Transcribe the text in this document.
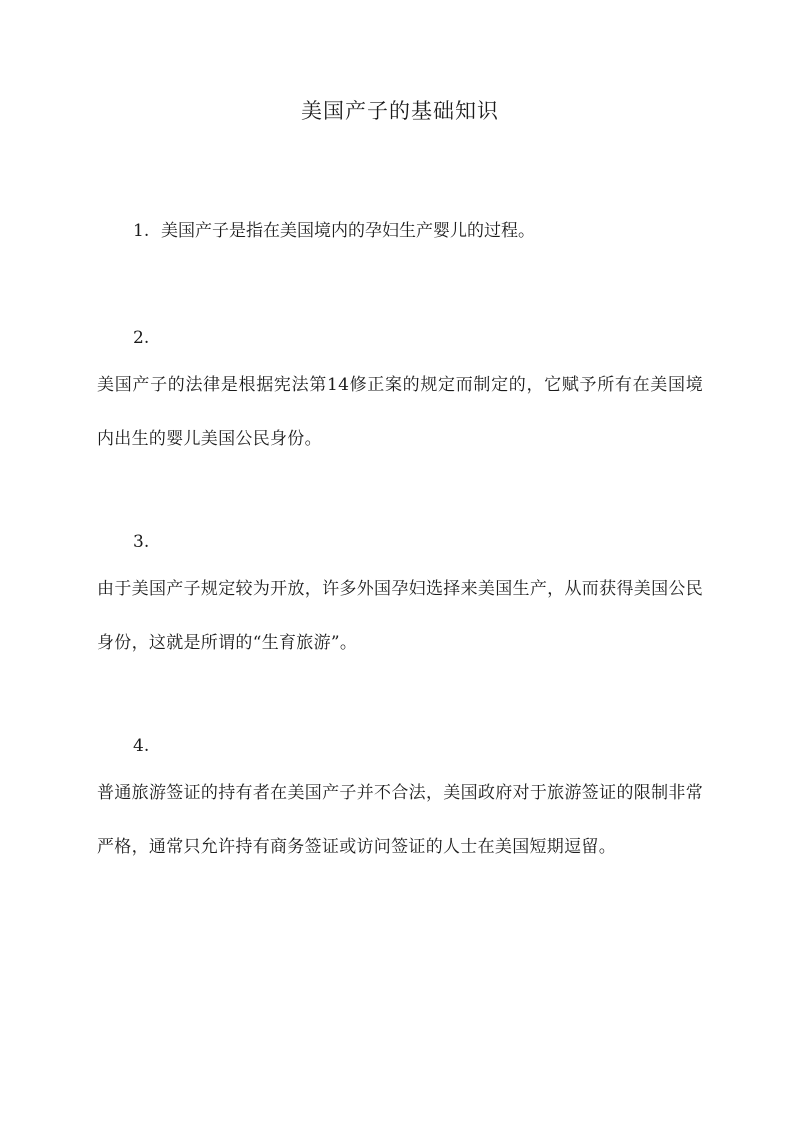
美国产子的基础知识
1. 美国产子是指在美国境内的孕妇生产婴儿的过程。
2.
美国产子的法律是根据宪法第14修正案的规定而制定的，它赋予所有在美国境内出生的婴儿美国公民身份。
3.
由于美国产子规定较为开放，许多外国孕妇选择来美国生产，从而获得美国公民身份，这就是所谓的“生育旅游”。
4.
普通旅游签证的持有者在美国产子并不合法，美国政府对于旅游签证的限制非常严格，通常只允许持有商务签证或访问签证的人士在美国短期逗留。
